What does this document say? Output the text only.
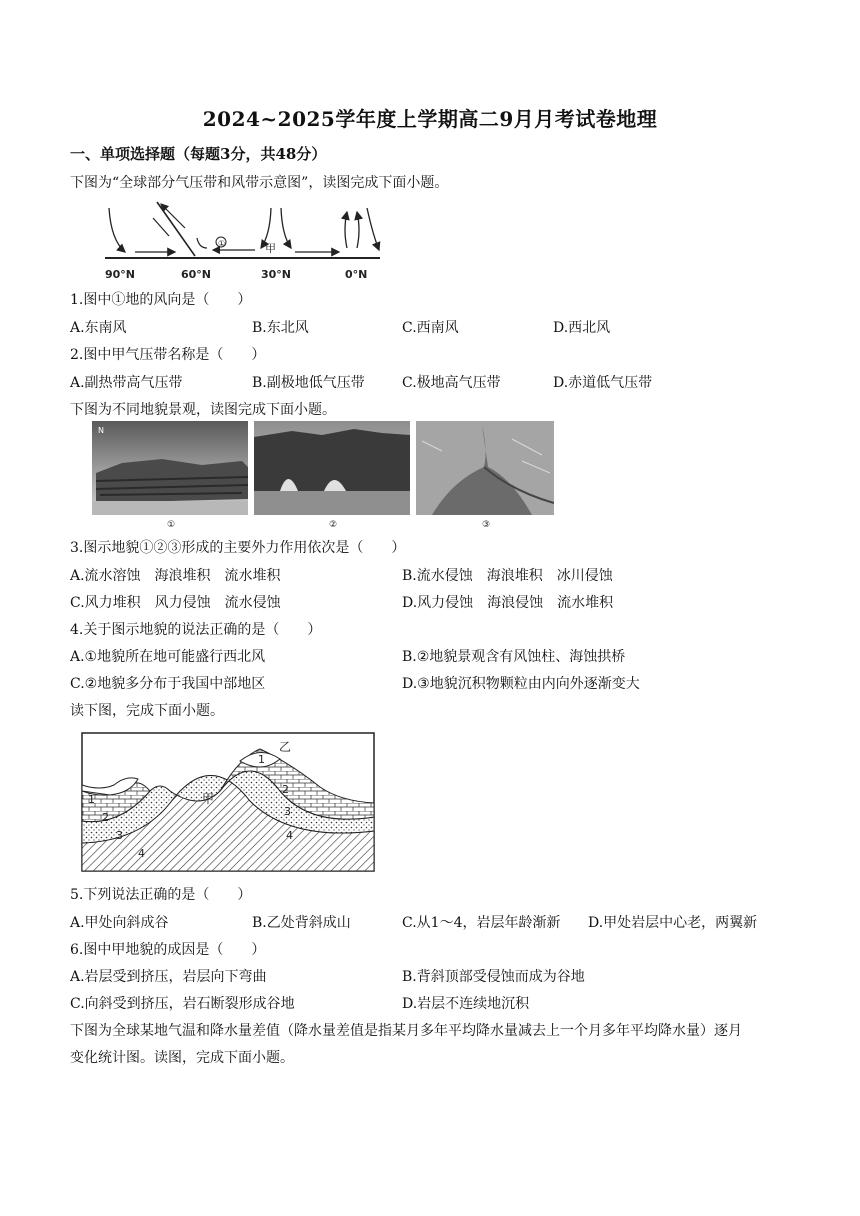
2024~2025学年度上学期高二9月月考试卷地理
一、单项选择题（每题3分，共48分）
下图为“全球部分气压带和风带示意图”，读图完成下面小题。
①	甲
90°N	60°N	30°N	0°N
1.图中①地的风向是（　　）
A.东南风	B.东北风	C.西南风	D.西北风
2.图中甲气压带名称是（　　）
A.副热带高气压带	B.副极地低气压带	C.极地高气压带	D.赤道低气压带
下图为不同地貌景观，读图完成下面小题。
N
①	②	③
3.图示地貌①②③形成的主要外力作用依次是（　　）
A.流水溶蚀　海浪堆积　流水堆积	B.流水侵蚀　海浪堆积　冰川侵蚀
C.风力堆积　风力侵蚀　流水侵蚀	D.风力侵蚀　海浪侵蚀　流水堆积
4.关于图示地貌的说法正确的是（　　）
A.①地貌所在地可能盛行西北风	B.②地貌景观含有风蚀柱、海蚀拱桥
C.②地貌多分布于我国中部地区	D.③地貌沉积物颗粒由内向外逐渐变大
读下图，完成下面小题。
乙
甲
1
2
3
4
1
2
3
4
5.下列说法正确的是（　　）
A.甲处向斜成谷	B.乙处背斜成山	C.从1～4，岩层年龄渐新 D.甲处岩层中心老，两翼新
6.图中甲地貌的成因是（　　）
A.岩层受到挤压，岩层向下弯曲	B.背斜顶部受侵蚀而成为谷地
C.向斜受到挤压，岩石断裂形成谷地	D.岩层不连续地沉积
下图为全球某地气温和降水量差值（降水量差值是指某月多年平均降水量减去上一个月多年平均降水量）逐月
变化统计图。读图，完成下面小题。
